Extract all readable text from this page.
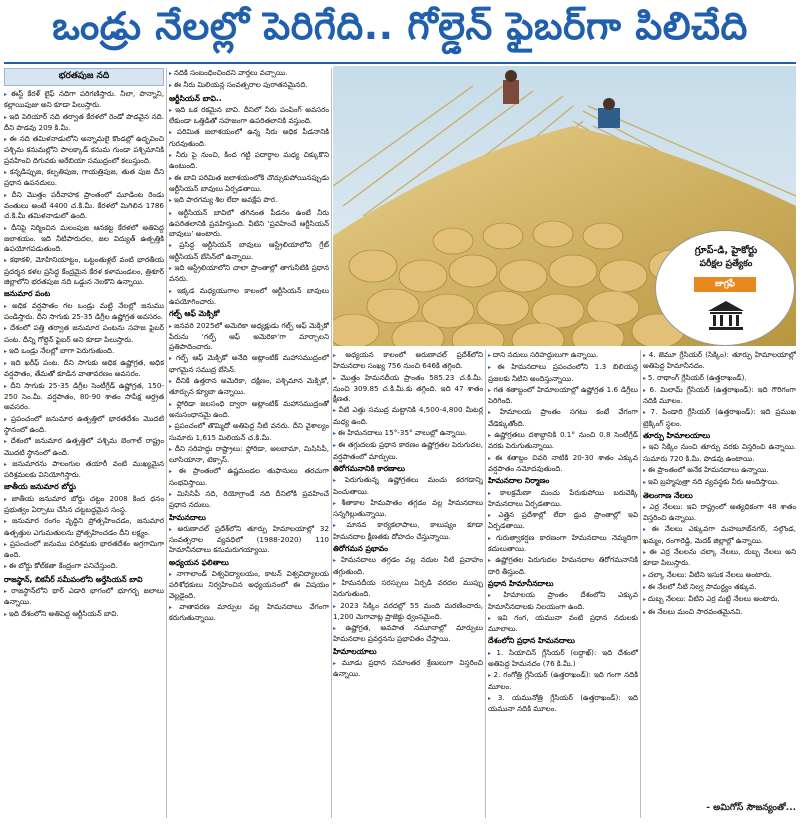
ఒండ్రు నేలల్లో పెరిగేది.. గోల్డెన్ ఫైబర్‌గా పిలిచేది
భరతపుజ నది

▸ ఈస్ట్ కేరళ్ లైఫ్ నదిగా పరిగణిస్తారు. నీలా, పొన్నాని, కల్లాయిపుజు అని కూడా పిలుస్తారు.

▸ ఇది పెరియార్ నది తర్వాత కేరళలో రెండో పొడవైన నది. దీని పొడవు 209 కి.మీ.

▸ ఈ నది తమిళనాడులోని అన్నామలై కొండల్లో ఉద్భవించి పశ్చిమ కనుమల్లోని పాలక్కాడ్ కనుమ గుండా పశ్చిమానికి ప్రవహించి దిగువకు అరేబియా సముద్రంలో కలుస్తుంది.

▸ కన్నడిప్పుజ, కల్పతిపుజ, గాయత్రిపుజ, తుత పుజ దీని ప్రధాన ఉపనదులు.

▸ దీని మొత్తం పరీవాహక ప్రాంతంలో మూడింట రెండు వంతులు అంటే 4400 చ.కి.మీ. కేరళలో మిగిలిన 1786 చ.కి.మీ తమిళనాడులో ఉంది.

▸ దీనిపై నిర్మించిన మలంపుజ ఆనకట్ట కేరళలో అతిపెద్ద జలాశయం. ఇది నీటిపారుదల, జల విద్యుత్ ఉత్పత్తికి ఉపయోగపడుతుంది.

▸ కథాకళి, మోహినియాట్టం, ఒట్టంతుళ్లల్ వంటి భారతీయ ప్రదర్శన కళల ప్రసిద్ధ కేంద్రమైన కేరళ కళామండలం, త్రిశూర్ జిల్లాలోని భరతపుజ నది ఒడ్డున నెలకొని ఉన్నాయి.

జనుమార పంట

▸ అధిక వర్షపాతం గల ఒండ్రు మట్టి నేలల్లో జనుము పండిస్తారు. దీని సాగుకు 25-35 డిగ్రీల ఉష్ణోగ్రత అవసరం.

▸ దేశంలో పత్తి తర్వాత జనుమార పంటను సహజ ఫైబర్ పంట. దీన్ని గోల్డెన్ ఫైబర్ అని కూడా పిలుస్తారు.

▸ ఇది ఒండ్రు నేలల్లో బాగా పెరుగుతుంది.

▸ ఇది ఖరీఫ్ పంట. దీని సాగుకు అధిక ఉష్ణోగ్రత, అధిక వర్షపాతం, తేమతో కూడిన వాతావరణం అవసరం.

▸ దీని సాగుకు 25-35 డిగ్రీల సెంటీగ్రేడ్ ఉష్ణోగ్రత, 150-250 సెం.మీ. వర్షపాతం, 80-90 శాతం సాపేక్ష ఆర్ద్రత అవసరం.

▸ ప్రపంచంలో జనుమార ఉత్పత్తిలో భారతదేశం మొదటి స్థానంలో ఉంది.

▸ దేశంలో జనుమార ఉత్పత్తిలో పశ్చిమ బెంగాల్ రాష్ట్రం మొదటి స్థానంలో ఉంది.

▸ జనుమారను పాలంగుల తయారీ వంటి ముఖ్యమైన పరిశ్రమలకు వినియోగిస్తారు.

జాతీయ జనుమార బోర్డు

▸ జాతీయ జనుమార బోర్డు చట్టం 2008 కింద ధనం ప్రభుత్వం ఏర్పాటు చేసిన చట్టబద్ధమైన సంస్థ.

▸ జనుమార రంగం వృద్ధిని ప్రోత్సహించడం, జనుమార ఉత్పత్తుల ఎగుమతులను ప్రోత్సహించడం దీని లక్ష్యం.

▸ ప్రపంచంలో జనుము పరిశ్రమకు భారతదేశం అగ్రగామిగా ఉంది.

▸ ఈ బోర్డు కోల్‌కతా కేంద్రంగా పనిచేస్తుంది.

రాజస్థాన్, బికనీర్ సమీపంలోని అర్తేసియన్ బావి

▸ రాజస్థాన్‌లోని థార్ ఎడారి భాగంలో భూగర్భ జలాలు ఉన్నాయి.

▸ ఇది దేశంలోని అతిపెద్ద ఆర్టీసియన్ బావి.

▸ నదికి సంబంధించిందని వార్తలు వచ్చాయి.

▸ ఈ నీరు మిలియన్ల సంవత్సరాల పురాతనమైనది.

ఆర్టీసియన్ బావి..

▸ ఇది ఒక రకమైన బావి. దీనిలో నీరు పంపింగ్ అవసరం లేకుండా ఒత్తిడితో సహజంగా ఉపరితలానికి వస్తుంది.

▸ పరిమిత జలాశయంలో ఉన్న నీరు అధిక పీడనానికి గురవుతుంది.

▸ నీరు పై నుంచి, కింద గట్టి పదార్థాల మధ్య చిక్కుకొని ఉంటుంది.

▸ ఈ బావి పరిమిత జలాశయంలోకి చొచ్చుకుపోయినప్పుడు ఆర్టీసియన్ బావులు ఏర్పడతాయి.

▸ ఇది పారగమ్య శిల లేదా అవక్షేప పొర.

▸ ఆర్టీసియన్ బావిలో తగినంత పీడనం ఉంటే నీరు ఉపరితలానికి ప్రవహిస్తుంది. వీటిని ‘ప్రవహించే ఆర్టీసియన్ బావులు’ అంటారు.

▸ ప్రసిద్ధ ఆర్టీసియన్ బావులు ఆస్ట్రేలియాలోని గ్రేట్ ఆర్టీసియన్ బేసిన్‌లో ఉన్నాయి.

▸ ఇది ఆస్ట్రేలియాలోని చాలా ప్రాంతాల్లో తాగునీటికి ప్రధాన వనరు.

▸ ఇక్కడ మధ్యయుగాల కాలంలో ఆర్టీసియన్ బావులు ఉపయోగించారు.

గల్ఫ్ ఆఫ్ మెక్సికో

▸ జనవరి 2025లో అమెరికా అధ్యక్షుడు గల్ఫ్ ఆఫ్ మెక్సికో పేరును ‘గల్ఫ్ ఆఫ్ అమెరికా’గా మార్చాలని ప్రతిపాదించారు.

▸ గల్ఫ్ ఆఫ్ మెక్సికో అనేది అట్లాంటిక్ మహాసముద్రంలో భాగమైన సముద్ర బేసిన్.

▸ దీనికి ఉత్తరాన అమెరికా, దక్షిణం, పశ్చిమాన మెక్సికో, తూర్పున క్యూబా ఉన్నాయి.

▸ ఫ్లోరిడా జలసంధి ద్వారా అట్లాంటిక్ మహాసముద్రంతో అనుసంధానమై ఉంది.

▸ ప్రపంచంలో తొమ్మిదో అతిపెద్ద నీటి వనరు. దీని వైశాల్యం సుమారు 1,615 మిలియన్ చ.కి.మీ.

▸ దీని సరిహద్దు రాష్ట్రాలు: ఫ్లోరిడా, అలబామా, మిసిసిపీ, లూసియానా, టెక్సాస్.

▸ ఈ ప్రాంతంలో ఉష్ణమండల తుఫానులు తరచుగా సంభవిస్తాయి.

▸ మిసిసిపీ నది, రియోగ్రాండే నది దీనిలోకి ప్రవహించే ప్రధాన నదులు.

హిమనదాలు

▸ అరుణాచల్ ప్రదేశ్‌లోని తూర్పు హిమాలయాల్లో 32 సంవత్సరాల వ్యవధిలో (1988-2020) 110 హిమానీనదాలు కనుమరుగయ్యాయి.

అధ్యయన ఫలితాలు

▸ నాగాలాండ్ విశ్వవిద్యాలయం, కాటన్ విశ్వవిద్యాలయ పరిశోధకులు నిర్వహించిన అధ్యయనంలో ఈ విషయం వెల్లడైంది.

▸ వాతావరణ మార్పుల వల్ల హిమనదాలు వేగంగా కరుగుతున్నాయి.

గ్రూప్-డి, హైకోర్టు
పరీక్షల ప్రత్యేకం
జాగ్రఫీ

▸ అధ్యయన కాలంలో అరుణాచల్ ప్రదేశ్‌లోని హిమనదాల సంఖ్య 756 నుంచి 646కి తగ్గింది.

▸ మొత్తం హిమనదీయ ప్రాంతం 585.23 చ.కి.మీ. నుంచి 309.85 చ.కి.మీ.కు తగ్గింది. ఇది 47 శాతం క్షీణత.

▸ వీటి ఎత్తు సముద్ర మట్టానికి 4,500-4,800 మీటర్ల మధ్య ఉంది.

▸ ఈ హిమనదాలు 15°-35° వాలుల్లో ఉన్నాయి.

▸ ఈ తగ్గుదలకు ప్రధాన కారణం ఉష్ణోగ్రతల పెరుగుదల, వర్షపాతంలో మార్పులు.

తిరోగమనానికి కారణాలు

▸ పెరుగుతున్న ఉష్ణోగ్రతలు మంచు కరగడాన్ని పెంచుతాయి.

▸ శీతాకాల హిమపాతం తగ్గడం వల్ల హిమనదాలు సన్నగిల్లుతున్నాయి.

▸ మానవ కార్యకలాపాలు, కాలుష్యం కూడా హిమనదాల క్షీణతకు దోహదం చేస్తున్నాయి.

తిరోగమన ప్రభావం

▸ హిమనదాలు తగ్గడం వల్ల నదుల నీటి ప్రవాహం తగ్గుతుంది.

▸ హిమనదీయ సరస్సులు ఏర్పడి వరదల ముప్పు పెరుగుతుంది.

▸ 2023 సిక్కిం వరదల్లో 55 మంది మరణించారు, 1,200 మెగావాట్ల ప్రాజెక్టు ధ్వంసమైంది.

▸ ఉష్ణోగ్రత, అవపాత నమూనాల్లో మార్పులు హిమనదాల ప్రవర్తనను ప్రభావితం చేస్తాయి.

హిమాలయాలు

▸ మూడు ప్రధాన సమాంతర శ్రేణులుగా విస్తరించి ఉన్నాయి.

▸ దాని నదులు సరిహద్దులుగా ఉన్నాయి.

▸ ఈ హిమనదాలు ప్రపంచంలోని 1.3 బిలియన్ల ప్రజలకు నీటిని అందిస్తున్నాయి.

▸ గత శతాబ్దంలో హిమాలయాల్లో ఉష్ణోగ్రత 1.6 డిగ్రీలు పెరిగింది.

▸ హిమాలయ ప్రాంతం సగటు కంటే వేగంగా వేడెక్కుతోంది.

▸ ఉష్ణోగ్రతలు దశాబ్దానికి 0.1° నుంచి 0.8 సెంటీగ్రేడ్ వరకు పెరుగుతున్నాయి.

▸ ఈ శతాబ్దం చివరి నాటికి 20-30 శాతం ఎక్కువ వర్షపాతం నమోదవుతుంది.

హిమనదాల నిర్మాణం

▸ కాలక్రమేణా మంచు పేరుకుపోయి బరువెక్కి హిమనదాలు ఏర్పడతాయి.

▸ ఎత్తైన ప్రదేశాల్లో లేదా ధ్రువ ప్రాంతాల్లో ఇవి ఏర్పడతాయి.

▸ గురుత్వాకర్షణ కారణంగా హిమనదాలు నెమ్మదిగా కదులుతాయి.

▸ ఉష్ణోగ్రతల పెరుగుదల హిమనదాల తిరోగమనానికి దారి తీస్తుంది.

ప్రధాన హిమానీనదాలు

▸ హిమాలయ ప్రాంతం దేశంలోని ఎక్కువ హిమానీనదాలకు నిలయంగా ఉంది.

▸ ఇవి గంగ, యమునా వంటి ప్రధాన నదులకు మూలాలు.

దేశంలోని ప్రధాన హిమనదాలు

▸ 1. సియాచిన్ గ్లేసియర్ (లద్దాఖ్): ఇది దేశంలో అతిపెద్ద హిమనదం (76 కి.మీ.)

▸ 2. గంగోత్రి గ్లేసియర్ (ఉత్తరాఖండ్): ఇది గంగా నదికి మూలం.

▸ 3. యమునోత్రి గ్లేసియర్ (ఉత్తరాఖండ్): ఇది యమునా నదికి మూలం.

▸ 4. జెమూ గ్లేసియర్ (సిక్కిం): తూర్పు హిమాలయాల్లో అతిపెద్ద హిమానీనదం.

▸ 5. రాథాంగ్ గ్లేసియర్ (ఉత్తరాఖండ్).

▸ 6. మిలామ్ గ్లేసియర్ (ఉత్తరాఖండ్): ఇది గౌరిగంగా నదికి మూలం.

▸ 7. పిండారి గ్లేసియర్ (ఉత్తరాఖండ్): ఇది ప్రముఖ ట్రెక్కింగ్ స్థలం.

తూర్పు హిమాలయాలు

▸ ఇవి సిక్కిం నుంచి తూర్పు వరకు విస్తరించి ఉన్నాయి. సుమారు 720 కి.మీ. పొడవు ఉంటాయి.

▸ ఈ ప్రాంతంలో అనేక హిమనదాలు ఉన్నాయి.

▸ ఇవి బ్రహ్మపుత్రా నది వ్యవస్థకు నీరు అందిస్తాయి.

తెలంగాణ నేలలు

▸ ఎర్ర నేలలు: ఇవి రాష్ట్రంలో అత్యధికంగా 48 శాతం విస్తరించి ఉన్నాయి.

▸ ఈ నేలలు ఎక్కువగా మహబూబ్‌నగర్, నల్గొండ, ఖమ్మం, రంగారెడ్డి, మెదక్ జిల్లాల్లో ఉన్నాయి.

▸ ఈ ఎర్ర నేలలను చల్కా నేలలు, దుబ్బ నేలలు అని కూడా పిలుస్తారు.

▸ చల్కా నేలలు: వీటిని ఇసుక నేలలు అంటారు.

▸ ఈ నేలలో నీటి నిల్వ సామర్థ్యం తక్కువ.

▸ దుబ్బ నేలలు: వీటిని ఎర్ర మట్టి నేలలు అంటారు.

▸ ఈ నేలలు మంచి సారవంతమైనవి.

- అమిగోస్ సౌజన్యంతో...
